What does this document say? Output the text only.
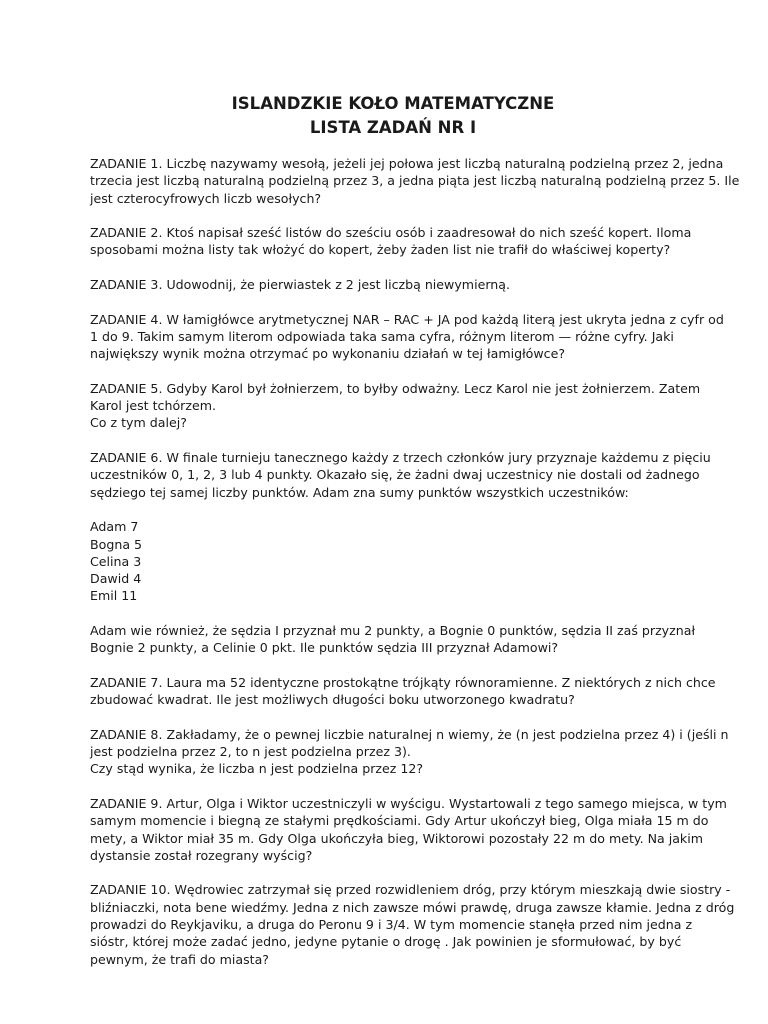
ISLANDZKIE KOŁO MATEMATYCZNE
LISTA ZADAŃ NR I
ZADANIE 1. Liczbę nazywamy wesołą, jeżeli jej połowa jest liczbą naturalną podzielną przez 2, jedna
trzecia jest liczbą naturalną podzielną przez 3, a jedna piąta jest liczbą naturalną podzielną przez 5. Ile
jest czterocyfrowych liczb wesołych?
ZADANIE 2. Ktoś napisał sześć listów do sześciu osób i zaadresował do nich sześć kopert. Iloma
sposobami można listy tak włożyć do kopert, żeby żaden list nie trafił do właściwej koperty?
ZADANIE 3. Udowodnij, że pierwiastek z 2 jest liczbą niewymierną.
ZADANIE 4. W łamigłówce arytmetycznej NAR – RAC + JA pod każdą literą jest ukryta jedna z cyfr od
1 do 9. Takim samym literom odpowiada taka sama cyfra, różnym literom — różne cyfry. Jaki
największy wynik można otrzymać po wykonaniu działań w tej łamigłówce?
ZADANIE 5. Gdyby Karol był żołnierzem, to byłby odważny. Lecz Karol nie jest żołnierzem. Zatem
Karol jest tchórzem.
Co z tym dalej?
ZADANIE 6. W finale turnieju tanecznego każdy z trzech członków jury przyznaje każdemu z pięciu
uczestników 0, 1, 2, 3 lub 4 punkty. Okazało się, że żadni dwaj uczestnicy nie dostali od żadnego
sędziego tej samej liczby punktów. Adam zna sumy punktów wszystkich uczestników:
Adam 7
Bogna 5
Celina 3
Dawid 4
Emil 11
Adam wie również, że sędzia I przyznał mu 2 punkty, a Bognie 0 punktów, sędzia II zaś przyznał
Bognie 2 punkty, a Celinie 0 pkt. Ile punktów sędzia III przyznał Adamowi?
ZADANIE 7. Laura ma 52 identyczne prostokątne trójkąty równoramienne. Z niektórych z nich chce
zbudować kwadrat. Ile jest możliwych długości boku utworzonego kwadratu?
ZADANIE 8. Zakładamy, że o pewnej liczbie naturalnej n wiemy, że (n jest podzielna przez 4) i (jeśli n
jest podzielna przez 2, to n jest podzielna przez 3).
Czy stąd wynika, że liczba n jest podzielna przez 12?
ZADANIE 9. Artur, Olga i Wiktor uczestniczyli w wyścigu. Wystartowali z tego samego miejsca, w tym
samym momencie i biegną ze stałymi prędkościami. Gdy Artur ukończył bieg, Olga miała 15 m do
mety, a Wiktor miał 35 m. Gdy Olga ukończyła bieg, Wiktorowi pozostały 22 m do mety. Na jakim
dystansie został rozegrany wyścig?
ZADANIE 10. Wędrowiec zatrzymał się przed rozwidleniem dróg, przy którym mieszkają dwie siostry -
bliźniaczki, nota bene wiedźmy. Jedna z nich zawsze mówi prawdę, druga zawsze kłamie. Jedna z dróg
prowadzi do Reykjaviku, a druga do Peronu 9 i 3/4. W tym momencie stanęła przed nim jedna z
sióstr, której może zadać jedno, jedyne pytanie o drogę . Jak powinien je sformułować, by być
pewnym, że trafi do miasta?
